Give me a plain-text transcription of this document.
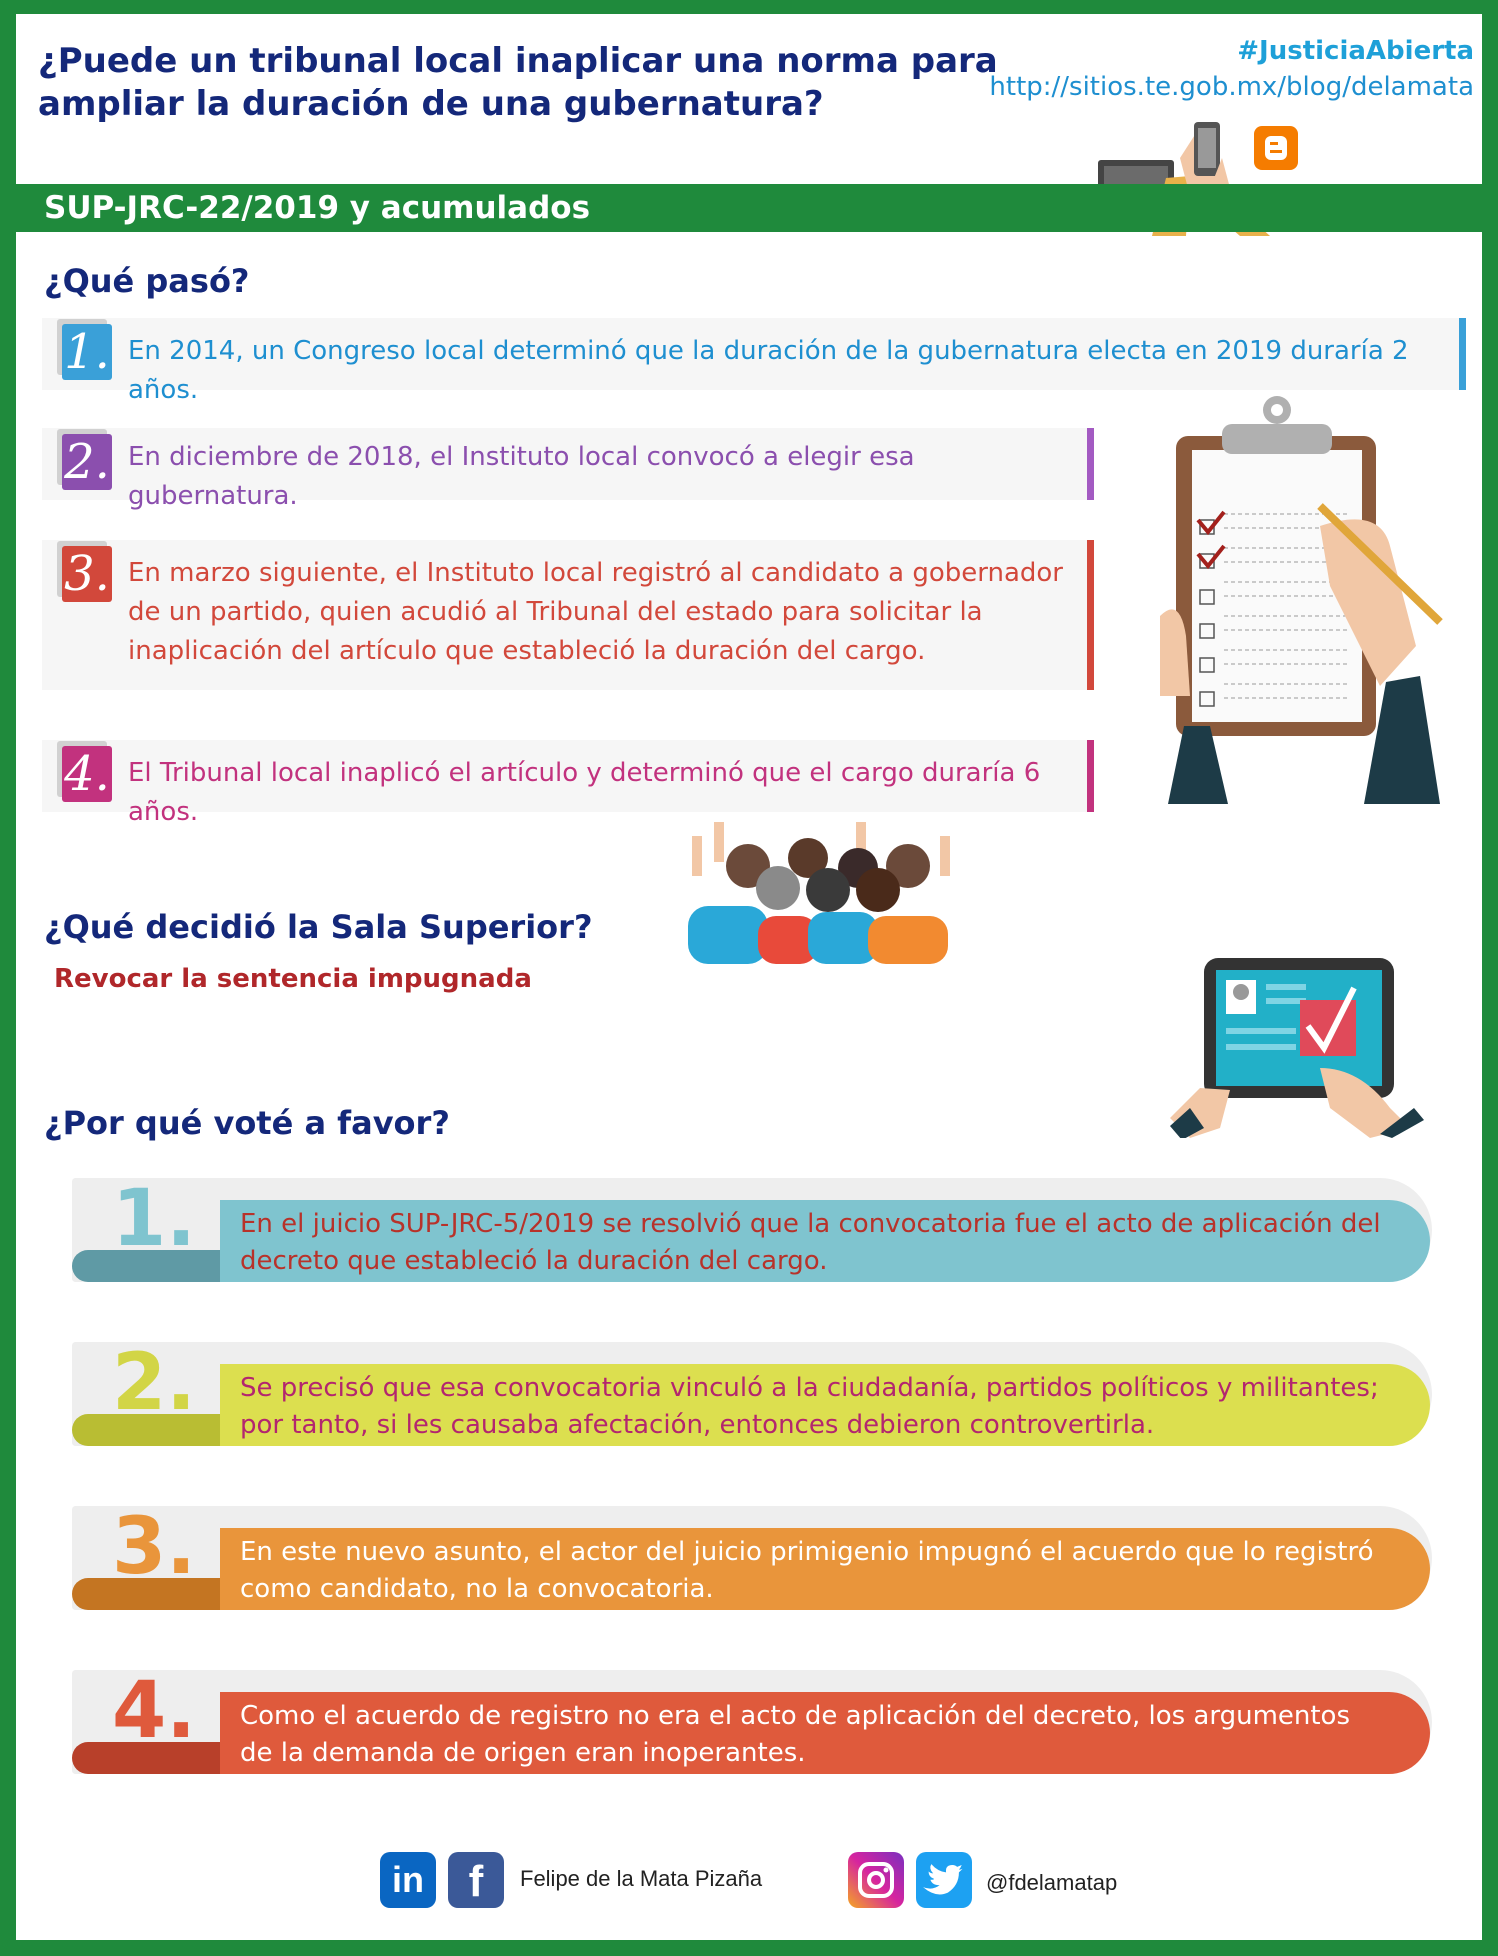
¿Puede un tribunal local inaplicar una norma para ampliar la duración de una gubernatura?
#JusticiaAbierta
http://sitios.te.gob.mx/blog/delamata
SUP-JRC-22/2019 y acumulados
¿Qué pasó?
1. En 2014, un Congreso local determinó que la duración de la gubernatura electa en 2019 duraría 2 años.
2. En diciembre de 2018, el Instituto local convocó a elegir esa gubernatura.
3. En marzo siguiente, el Instituto local registró al candidato a gobernador de un partido, quien acudió al Tribunal del estado para solicitar la inaplicación del artículo que estableció la duración del cargo.
4. El Tribunal local inaplicó el artículo y determinó que el cargo duraría 6 años.
¿Qué decidió la Sala Superior?
Revocar la sentencia impugnada
¿Por qué voté a favor?
1. En el juicio SUP-JRC-5/2019 se resolvió que la convocatoria fue el acto de aplicación del decreto que estableció la duración del cargo.
2. Se precisó que esa convocatoria vinculó a la ciudadanía, partidos políticos y militantes; por tanto, si les causaba afectación, entonces debieron controvertirla.
3. En este nuevo asunto, el actor del juicio primigenio impugnó el acuerdo que lo registró como candidato, no la convocatoria.
4. Como el acuerdo de registro no era el acto de aplicación del decreto, los argumentos de la demanda de origen eran inoperantes.
in	f	Felipe de la Mata Pizaña	@fdelamatap
